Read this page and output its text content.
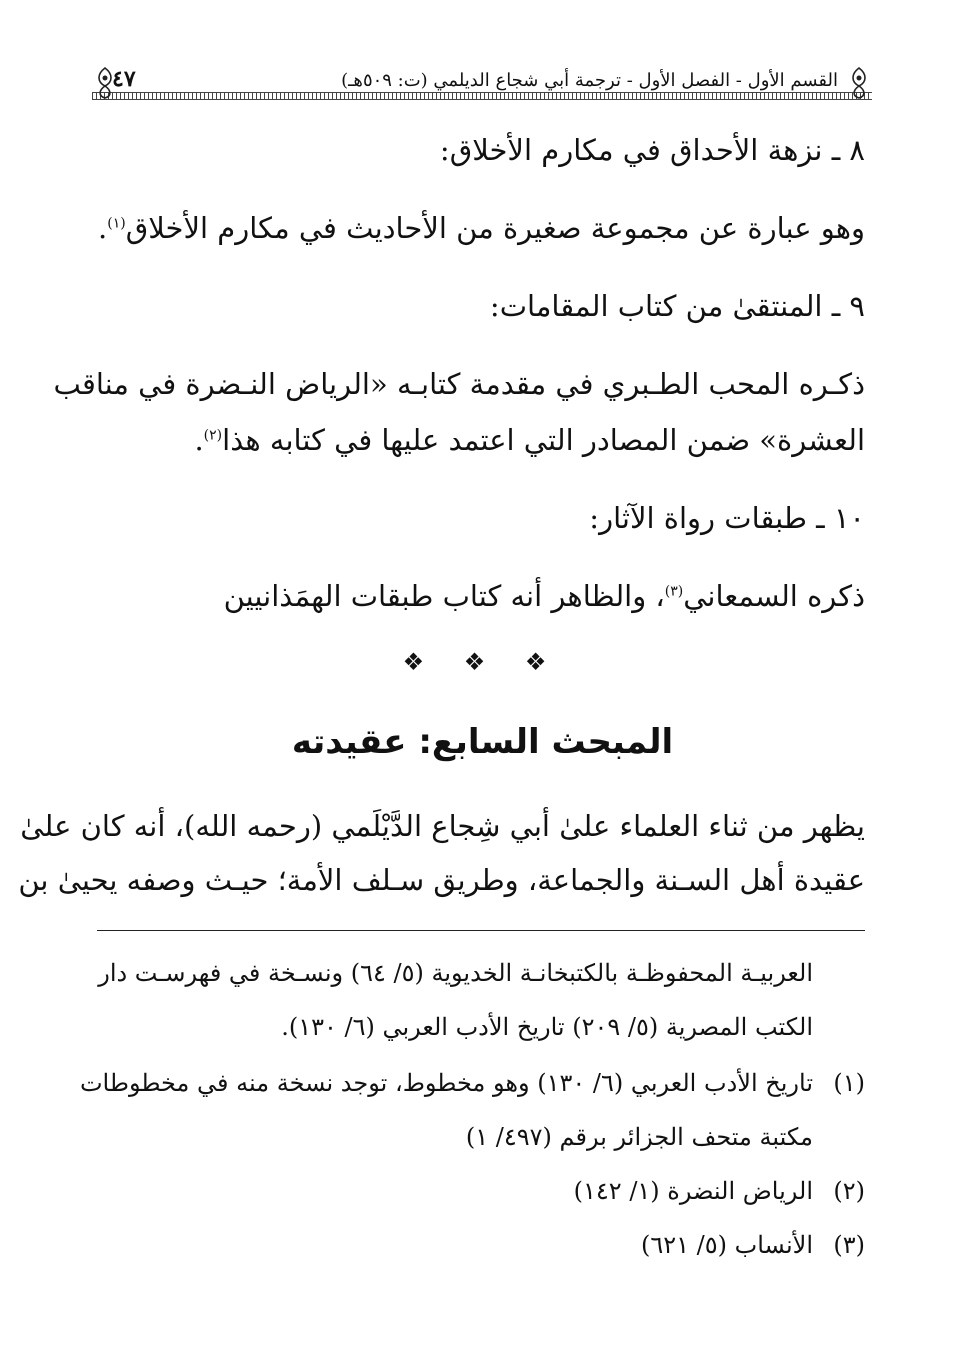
القسم الأول - الفصل الأول - ترجمة أبي شجاع الديلمي (ت: ٥٠٩هـ)
٤٧
٨ ـ نزهة الأحداق في مكارم الأخلاق:
وهو عبارة عن مجموعة صغيرة من الأحاديث في مكارم الأخلاق$^{(١)}$.
٩ ـ المنتقىٰ من كتاب المقامات:
ذكـره المحب الطـبري في مقدمة كتابـه «الرياض النـضرة في مناقب
العشرة» ضمن المصادر التي اعتمد عليها في كتابه هذا$^{(٢)}$.
١٠ ـ طبقات رواة الآثار:
ذكره السمعاني$^{(٣)}$، والظاهر أنه كتاب طبقات الهمَذانيين
❖ ❖ ❖
المبحث السابع: عقيدته
يظهر من ثناء العلماء علىٰ أبي شِجاع الدَّيْلَمي (رحمه الله)، أنه كان علىٰ
عقيدة أهل السـنة والجماعة، وطريق سـلف الأمة؛ حيـث وصفه يحيىٰ بن
العربيـة المحفوظـة بالكتبخانـة الخديوية (٥/ ٦٤) ونسـخة في فهرسـت دار
الكتب المصرية (٥/ ٢٠٩) تاريخ الأدب العربي (٦/ ١٣٠).
(١)تاريخ الأدب العربي (٦/ ١٣٠) وهو مخطوط، توجد نسخة منه في مخطوطات
مكتبة متحف الجزائر برقم (٤٩٧/ ١)
(٢)الرياض النضرة (١/ ١٤٢)
(٣)الأنساب (٥/ ٦٢١)
